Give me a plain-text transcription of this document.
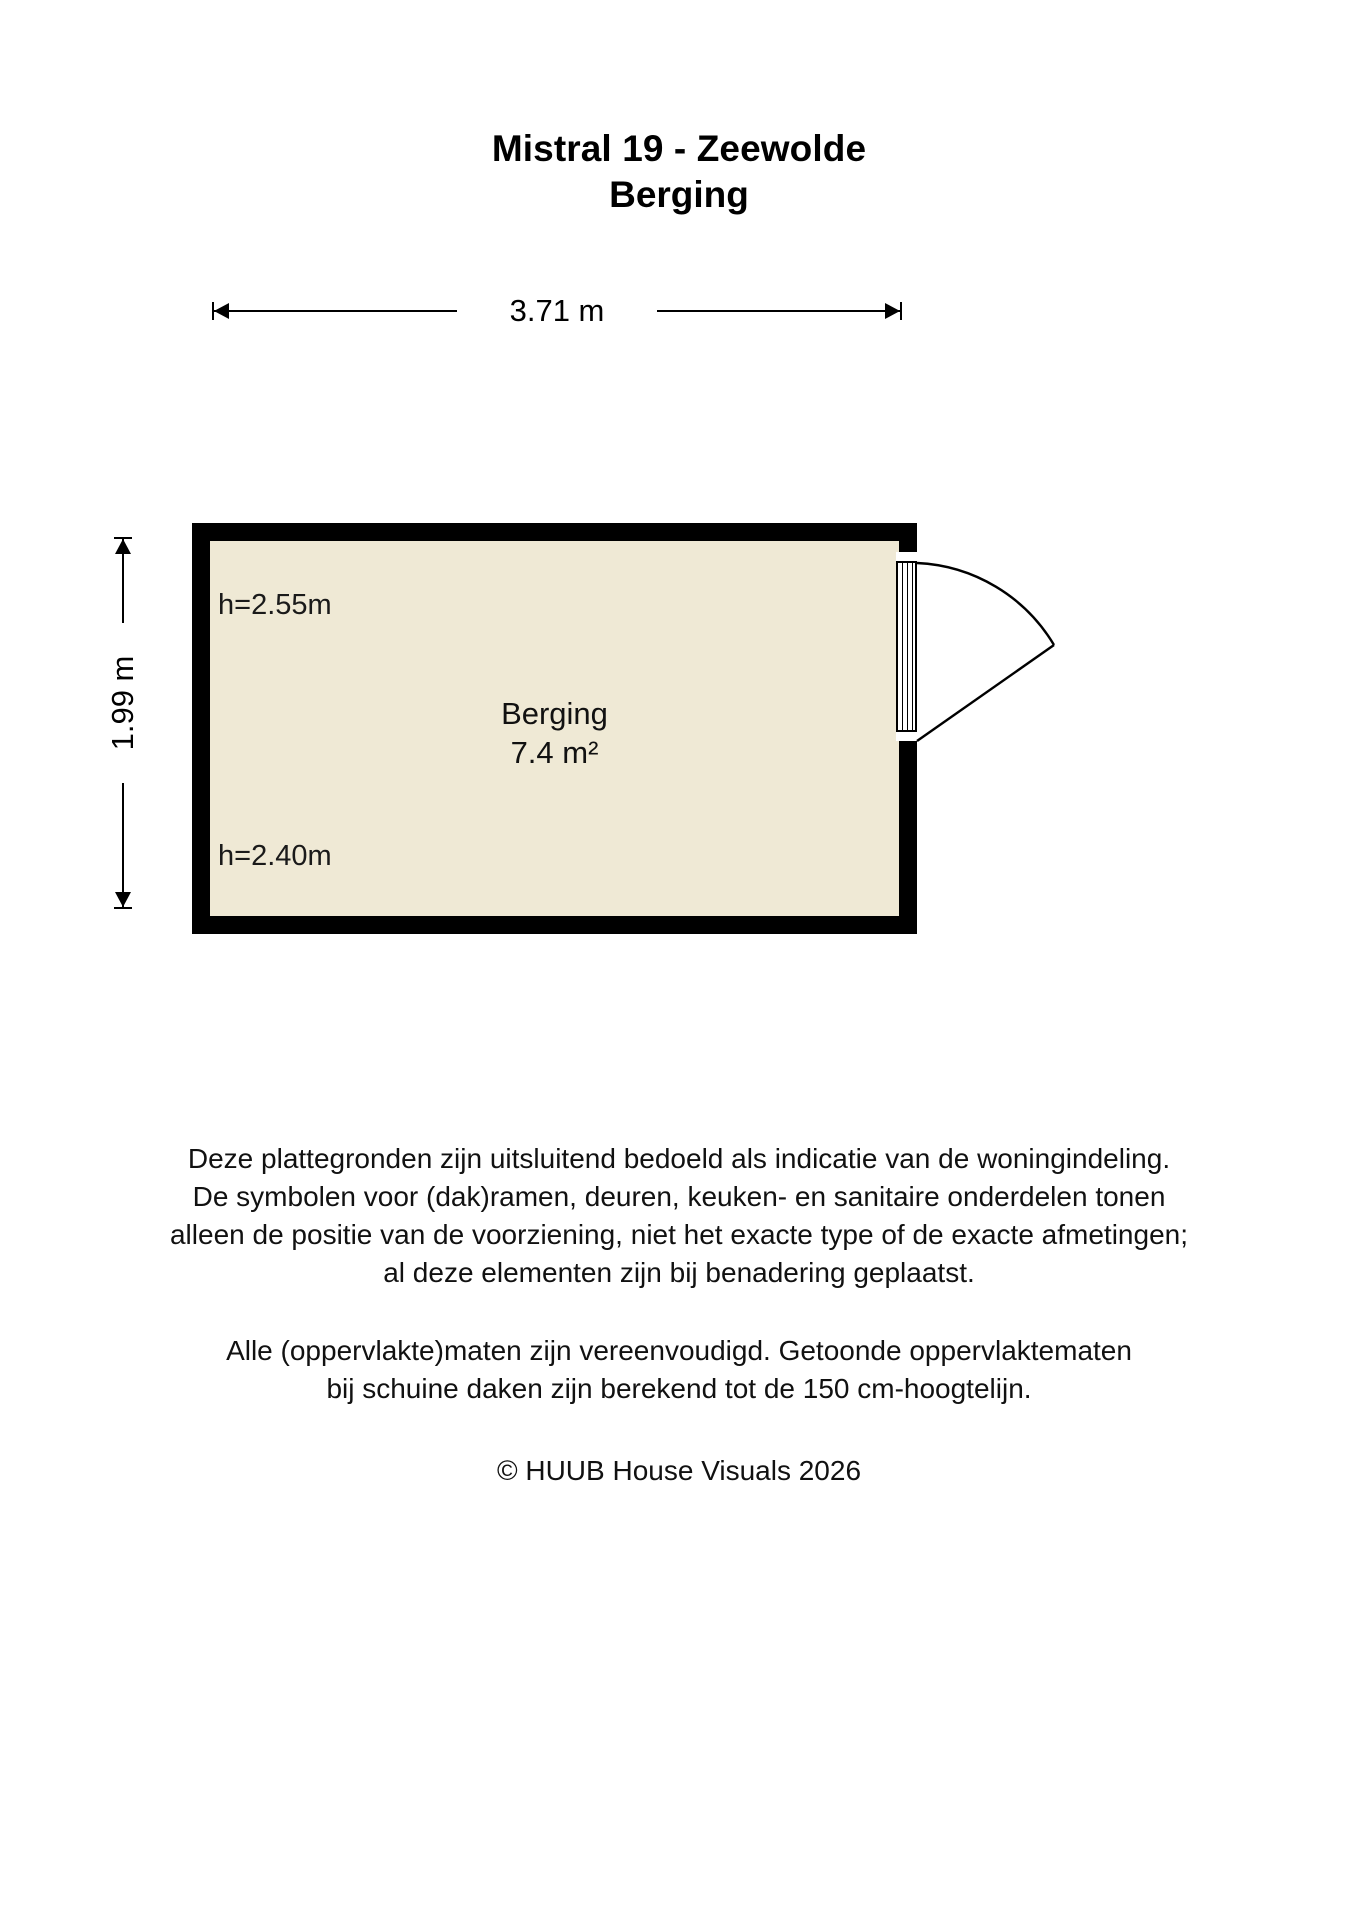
Mistral 19 - Zeewolde
Berging
3.71 m
1.99 m
h=2.55m
h=2.40m
Berging
7.4 m²

Deze plattegronden zijn uitsluitend bedoeld als indicatie van de woningindeling.

De symbolen voor (dak)ramen, deuren, keuken- en sanitaire onderdelen tonen

alleen de positie van de voorziening, niet het exacte type of de exacte afmetingen;

al deze elementen zijn bij benadering geplaatst.

Alle (oppervlakte)maten zijn vereenvoudigd. Getoonde oppervlaktematen

bij schuine daken zijn berekend tot de 150 cm-hoogtelijn.

© HUUB House Visuals 2026
